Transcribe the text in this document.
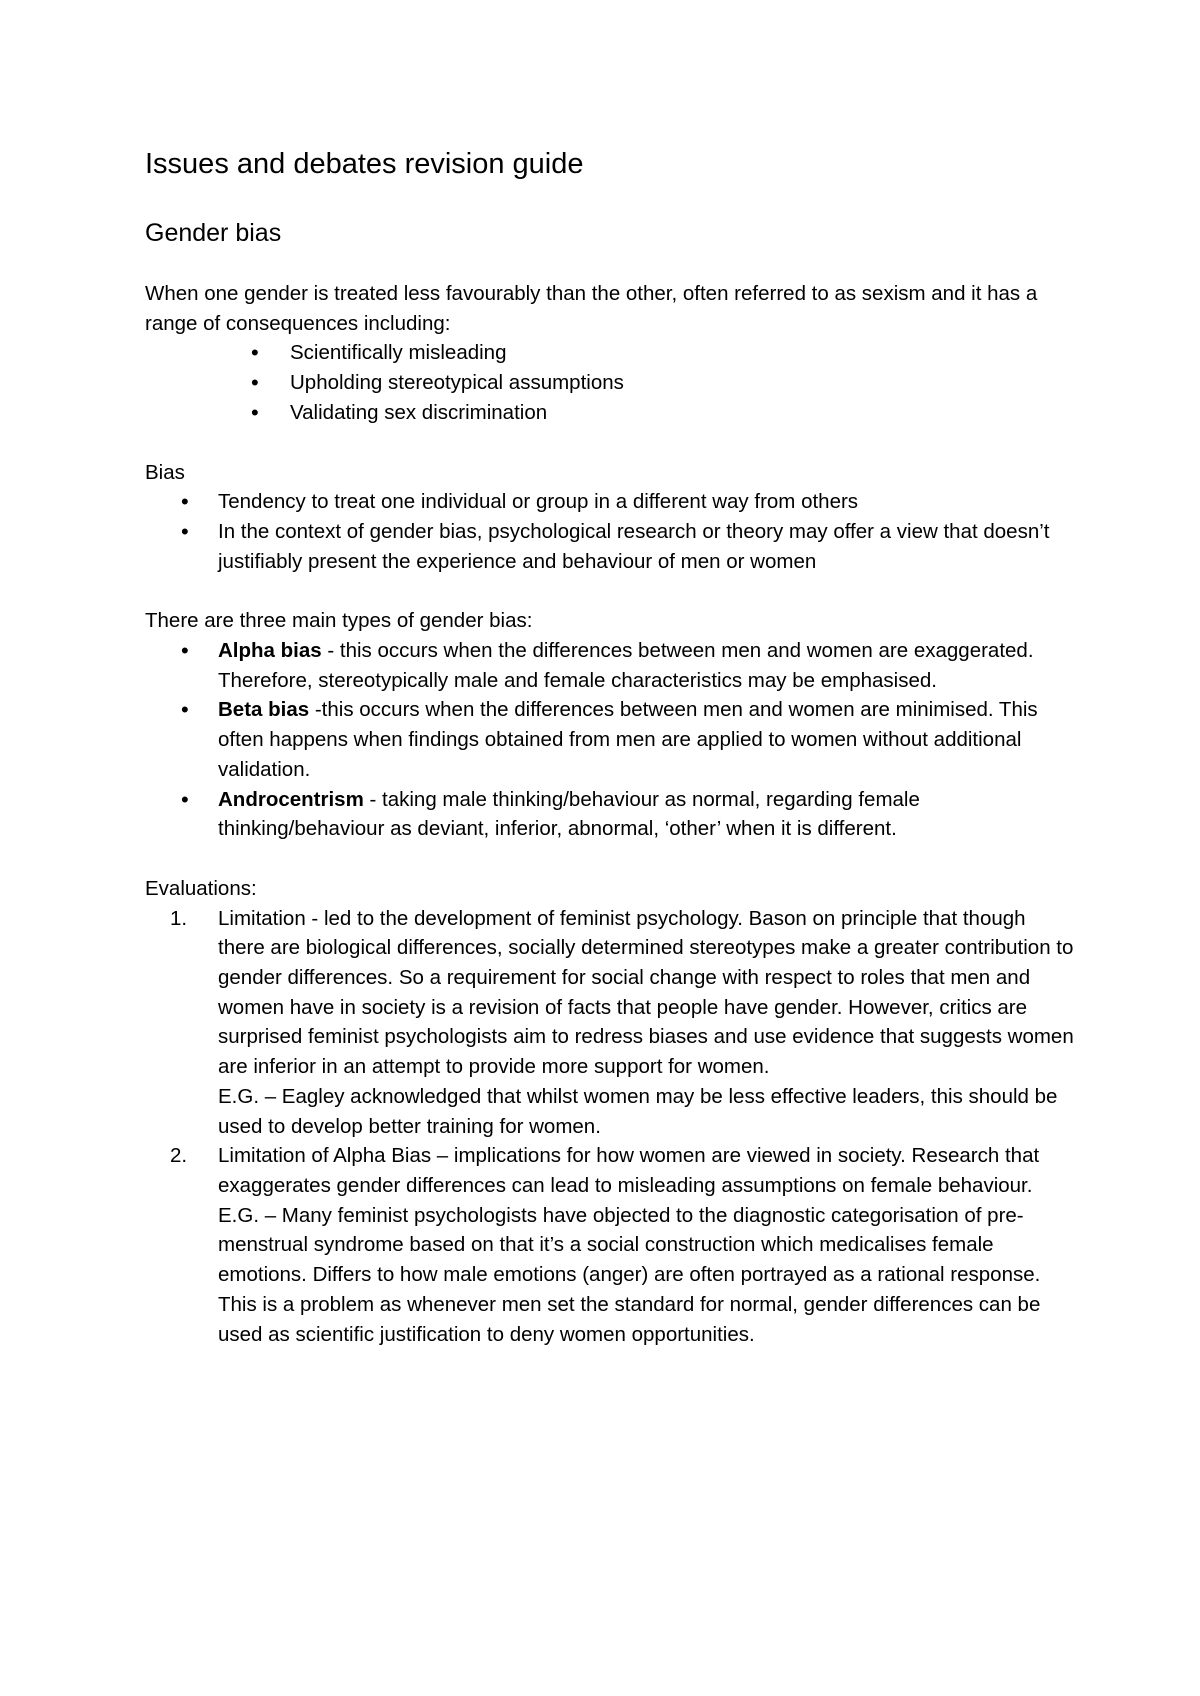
Issues and debates revision guide
Gender bias

When one gender is treated less favourably than the other, often referred to as sexism and it has a range of consequences including:

• Scientifically misleading
• Upholding stereotypical assumptions
• Validating sex discrimination

Bias

• Tendency to treat one individual or group in a different way from others
• In the context of gender bias, psychological research or theory may offer a view that doesn’t justifiably present the experience and behaviour of men or women

There are three main types of gender bias:

• Alpha bias - this occurs when the differences between men and women are exaggerated. Therefore, stereotypically male and female characteristics may be emphasised.
• Beta bias -this occurs when the differences between men and women are minimised. This often happens when findings obtained from men are applied to women without additional validation.
• Androcentrism - taking male thinking/behaviour as normal, regarding female thinking/behaviour as deviant, inferior, abnormal, ‘other’ when it is different.

Evaluations:

1. Limitation - led to the development of feminist psychology. Bason on principle that though there are biological differences, socially determined stereotypes make a greater contribution to gender differences. So a requirement for social change with respect to roles that men and women have in society is a revision of facts that people have gender. However, critics are surprised feminist psychologists aim to redress biases and use evidence that suggests women are inferior in an attempt to provide more support for women.
E.G. – Eagley acknowledged that whilst women may be less effective leaders, this should be used to develop better training for women.
2. Limitation of Alpha Bias – implications for how women are viewed in society. Research that exaggerates gender differences can lead to misleading assumptions on female behaviour.
E.G. – Many feminist psychologists have objected to the diagnostic categorisation of pre-menstrual syndrome based on that it’s a social construction which medicalises female emotions. Differs to how male emotions (anger) are often portrayed as a rational response. This is a problem as whenever men set the standard for normal, gender differences can be used as scientific justification to deny women opportunities.
